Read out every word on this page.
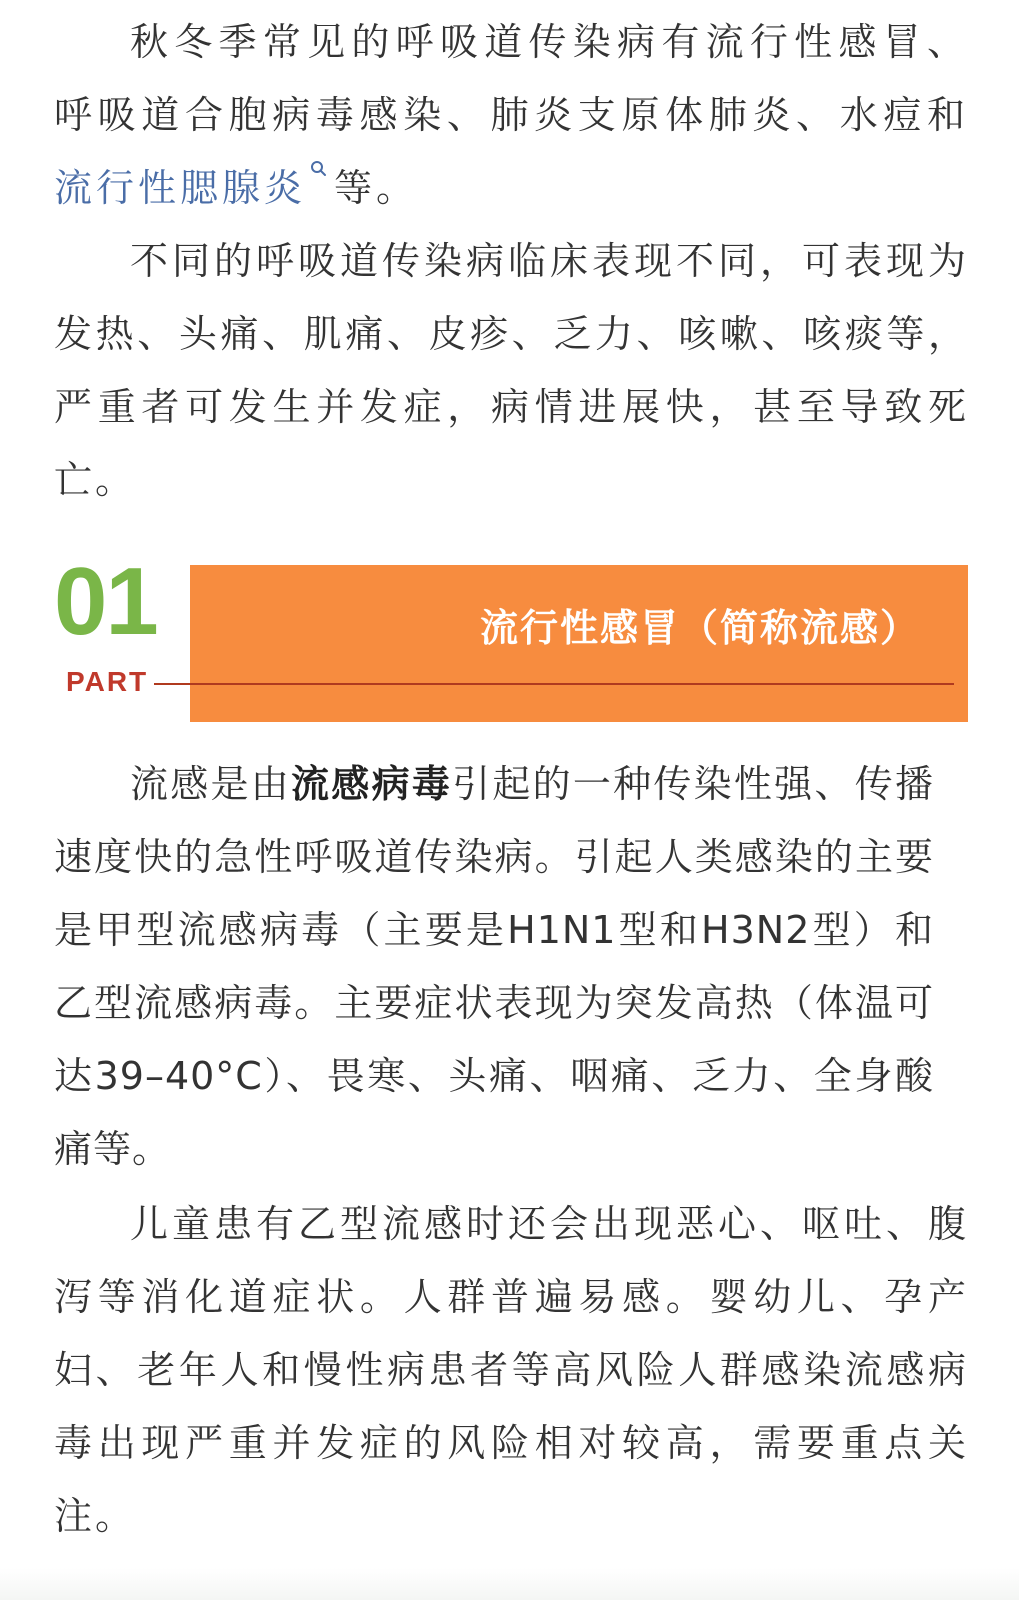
秋冬季常见的呼吸道传染病有流行性感冒、呼吸道合胞病毒感染、肺炎支原体肺炎、水痘和流行性腮腺炎 等。

不同的呼吸道传染病临床表现不同，可表现为发热、头痛、肌痛、皮疹、乏力、咳嗽、咳痰等，严重者可发生并发症，病情进展快，甚至导致死亡。

流行性感冒（简称流感）
01
PART

流感是由流感病毒引起的一种传染性强、传播速度快的急性呼吸道传染病。引起人类感染的主要是甲型流感病毒（主要是H1N1型和H3N2型）和乙型流感病毒。主要症状表现为突发高热（体温可达39–40°C）、畏寒、头痛、咽痛、乏力、全身酸痛等。

儿童患有乙型流感时还会出现恶心、呕吐、腹泻等消化道症状。人群普遍易感。婴幼儿、孕产妇、老年人和慢性病患者等高风险人群感染流感病毒出现严重并发症的风险相对较高，需要重点关注。
